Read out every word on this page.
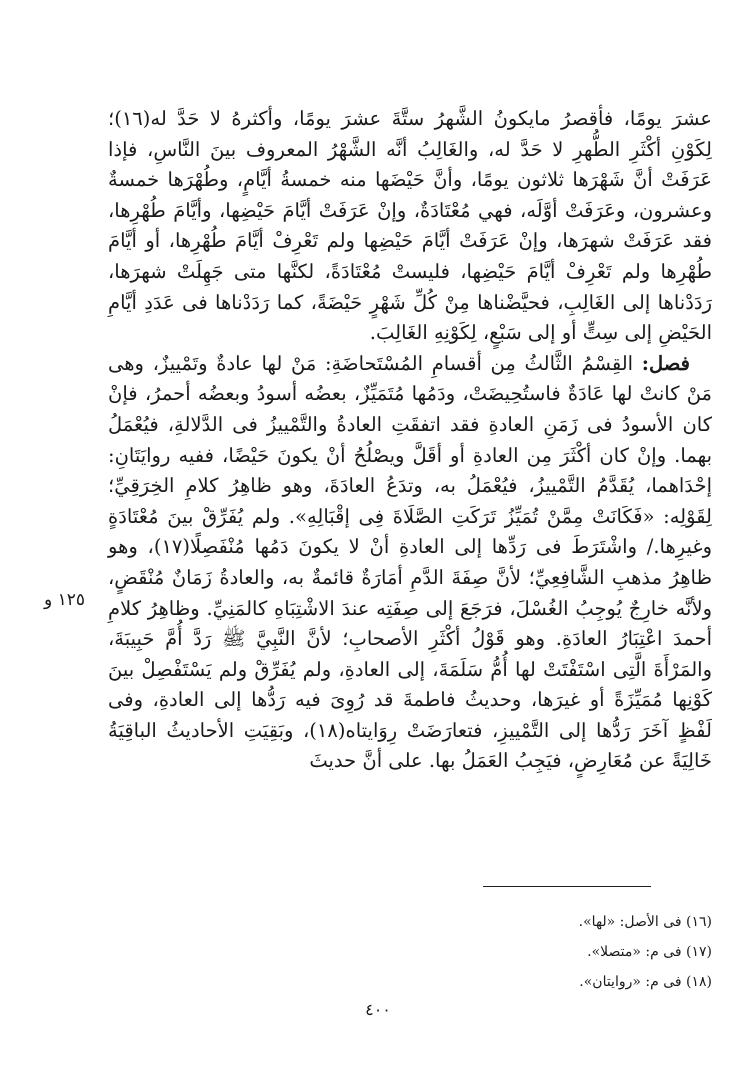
عشرَ يومًا، فأقصرُ مايكونُ الشَّهرُ ستَّةَ عشرَ يومًا، وأكثرهُ لا حَدَّ له(١٦)؛ لِكَوْنِ أكْثَرِ الطُّهرِ لا حَدَّ له، والغَالِبُ أنَّه الشَّهْرُ المعروف بينَ النَّاسِ، فإذا عَرَفَتْ أنَّ شَهْرَها ثلاثون يومًا، وأنَّ حَيْضَها منه خمسةُ أيَّامٍ، وطُهْرَها خمسةٌ وعشرون، وعَرَفَتْ أوَّلَه، فهي مُعْتَادَةٌ، وإنْ عَرَفَتْ أيَّامَ حَيْضِها، وأيَّامَ طُهْرِها، فقد عَرَفَتْ شهرَها، وإنْ عَرَفَتْ أيَّامَ حَيْضِها ولم تَعْرِفْ أيَّامَ طُهْرِها، أو أيَّامَ طُهْرِها ولم تَعْرِفْ أيَّامَ حَيْضِها، فليستْ مُعْتَادَةً، لكنَّها متى جَهِلَتْ شهرَها، رَدَدْناها إلى الغَالِبِ، فحيَّضْناها مِنْ كُلِّ شَهْرٍ حَيْضَةً، كما رَدَدْناها فى عَدَدِ أيَّامِ الحَيْضِ إلى سِتٍّ أو إلى سَبْعٍ، لِكَوْنِهِ الغَالِبَ.

فصل: القِسْمُ الثَّالثُ مِن أقسامِ المُسْتَحاضَةِ: مَنْ لها عادةٌ وتَمْييزٌ، وهى مَنْ كانتْ لها عَادَةٌ فاستُحِيضَتْ، ودَمُها مُتَمَيِّزٌ، بعضُه أسودُ وبعضُه أحمرُ، فإنْ كان الأسودُ فى زَمَنِ العادةِ فقد اتفقَتِ العادةُ والتَّمْييزُ فى الدَّلالةِ، فيُعْمَلُ بهما. وإنْ كان أكْثَرَ مِن العادةِ أو أقَلَّ ويصْلُحُ أنْ يكونَ حَيْضًا، ففيه روايَتَانِ: إحْدَاهما، يُقَدَّمُ التَّمْييزُ، فيُعْمَلُ به، وتدَعُ العادَةَ، وهو ظاهِرُ كلامِ الخِرَقِيِّ؛ لِقَوْلِه: «فَكَانَتْ مِمَّنْ تُمَيِّزُ تَرَكَتِ الصَّلَاةَ فِى إقْبَالِهِ». ولم يُفَرِّقْ بينَ مُعْتَادَةٍ وغيرِها./ واشْتَرَطَ فى رَدِّها إلى العادةِ أنْ لا يكونَ دَمُها مُنْفَصِلًا(١٧)، وهو ظاهِرُ مذهبِ الشَّافِعِيِّ؛ لأنَّ صِفَةَ الدَّمِ أمَارَةٌ قائمةٌ به، والعادةُ زَمَانٌ مُنْقَضٍ، ولأنَّه خارِجٌ يُوجِبُ الغُسْلَ، فرَجَعَ إلى صِفَتِه عندَ الاشْتِبَاهِ كالمَنِيِّ. وظاهِرُ كلامِ أحمدَ اعْتِبَارُ العادَةِ. وهو قَوْلُ أكْثَرِ الأصحابِ؛ لأنَّ النَّبِيَّ ﷺ رَدَّ أُمَّ حَبِيبَةَ، والمَرْأَةَ الَّتِى اسْتَفْتَتْ لها أُمُّ سَلَمَةَ، إلى العادةِ، ولم يُفَرِّقْ ولم يَسْتَفْصِلْ بينَ كَوْنِها مُمَيِّزَةً أو غيرَها، وحديثُ فاطمةَ قد رُوِىَ فيه رَدُّها إلى العادةِ، وفى لَفْظٍ آخَرَ رَدُّها إلى التَّمْييزِ، فتعارَضَتْ رِوَايتاه(١٨)، وبَقِيَتِ الأحاديثُ الباقِيَةُ خَالِيَةً عن مُعَارِضٍ، فيَجِبُ العَمَلُ بها. على أنَّ حديثَ

١٢٥ و
(١٦) فى الأصل: «لها».
(١٧) فى م: «متصلا».
(١٨) فى م: «روايتان».
٤٠٠
